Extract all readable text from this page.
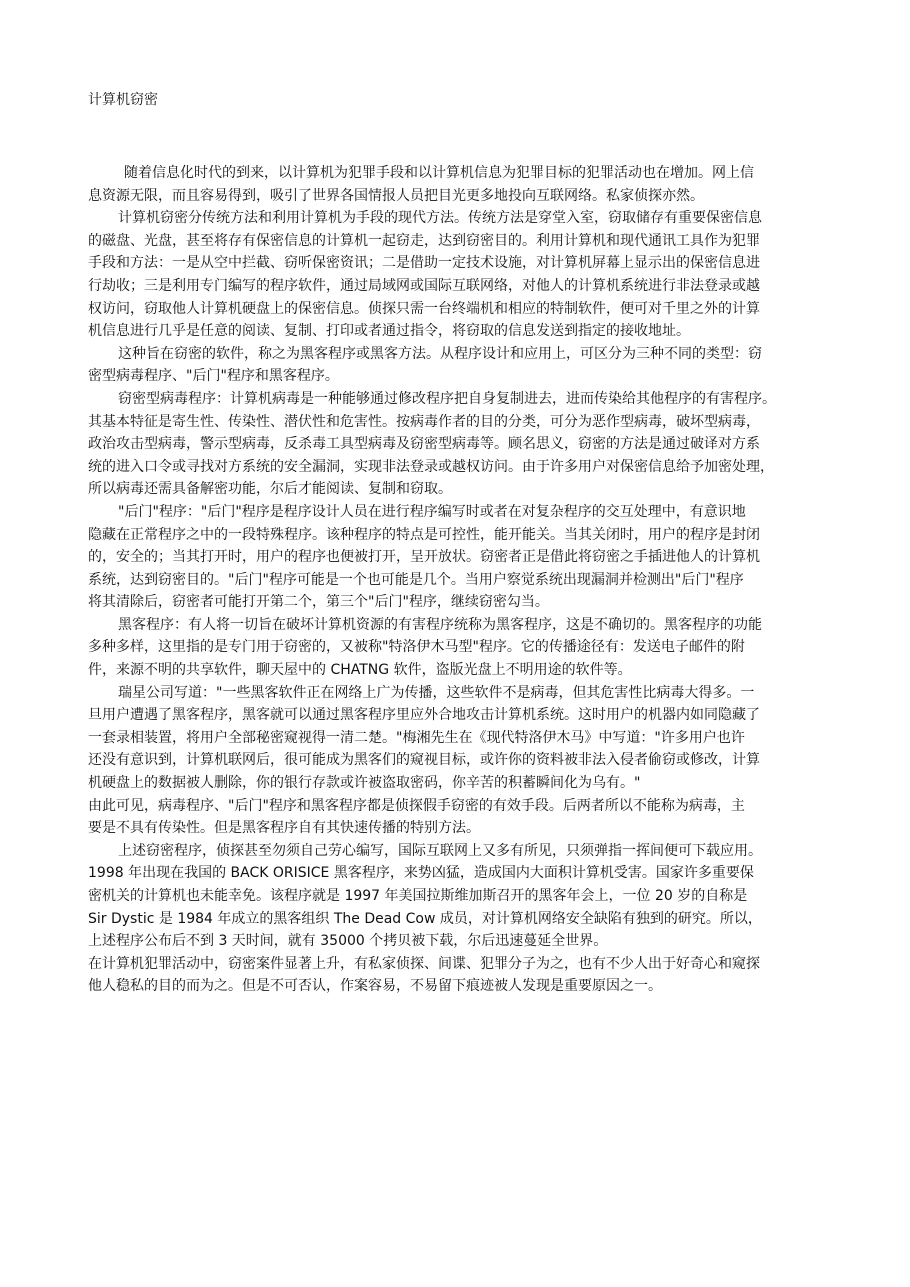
计算机窃密
随着信息化时代的到来，以计算机为犯罪手段和以计算机信息为犯罪目标的犯罪活动也在增加。网上信
息资源无限，而且容易得到，吸引了世界各国情报人员把目光更多地投向互联网络。私家侦探亦然。
计算机窃密分传统方法和利用计算机为手段的现代方法。传统方法是穿堂入室，窃取储存有重要保密信息
的磁盘、光盘，甚至将存有保密信息的计算机一起窃走，达到窃密目的。利用计算机和现代通讯工具作为犯罪
手段和方法：一是从空中拦截、窃听保密资讯；二是借助一定技术设施，对计算机屏幕上显示出的保密信息进
行劫收；三是利用专门编写的程序软件，通过局域网或国际互联网络，对他人的计算机系统进行非法登录或越
权访问，窃取他人计算机硬盘上的保密信息。侦探只需一台终端机和相应的特制软件，便可对千里之外的计算
机信息进行几乎是任意的阅读、复制、打印或者通过指令，将窃取的信息发送到指定的接收地址。
这种旨在窃密的软件，称之为黑客程序或黑客方法。从程序设计和应用上，可区分为三种不同的类型：窃
密型病毒程序、"后门"程序和黑客程序。
窃密型病毒程序：计算机病毒是一种能够通过修改程序把自身复制进去，进而传染给其他程序的有害程序。
其基本特征是寄生性、传染性、潜伏性和危害性。按病毒作者的目的分类，可分为恶作型病毒，破坏型病毒，
政治攻击型病毒，警示型病毒，反杀毒工具型病毒及窃密型病毒等。顾名思义，窃密的方法是通过破译对方系
统的进入口令或寻找对方系统的安全漏洞，实现非法登录或越权访问。由于许多用户对保密信息给予加密处理，
所以病毒还需具备解密功能，尔后才能阅读、复制和窃取。
"后门"程序："后门"程序是程序设计人员在进行程序编写时或者在对复杂程序的交互处理中，有意识地
隐藏在正常程序之中的一段特殊程序。该种程序的特点是可控性，能开能关。当其关闭时，用户的程序是封闭
的，安全的；当其打开时，用户的程序也便被打开，呈开放状。窃密者正是借此将窃密之手插进他人的计算机
系统，达到窃密目的。"后门"程序可能是一个也可能是几个。当用户察觉系统出现漏洞并检测出"后门"程序
将其清除后，窃密者可能打开第二个，第三个"后门"程序，继续窃密勾当。
黑客程序：有人将一切旨在破坏计算机资源的有害程序统称为黑客程序，这是不确切的。黑客程序的功能
多种多样，这里指的是专门用于窃密的，又被称"特洛伊木马型"程序。它的传播途径有：发送电子邮件的附
件，来源不明的共享软件，聊天屋中的 CHATNG 软件，盗版光盘上不明用途的软件等。
瑞星公司写道："一些黑客软件正在网络上广为传播，这些软件不是病毒，但其危害性比病毒大得多。一
旦用户遭遇了黑客程序，黑客就可以通过黑客程序里应外合地攻击计算机系统。这时用户的机器内如同隐藏了
一套录相装置，将用户全部秘密窥视得一清二楚。"梅湘先生在《现代特洛伊木马》中写道："许多用户也许
还没有意识到，计算机联网后，很可能成为黑客们的窥视目标，或许你的资料被非法入侵者偷窃或修改，计算
机硬盘上的数据被人删除，你的银行存款或许被盗取密码，你辛苦的积蓄瞬间化为乌有。"
由此可见，病毒程序、"后门"程序和黑客程序都是侦探假手窃密的有效手段。后两者所以不能称为病毒，主
要是不具有传染性。但是黑客程序自有其快速传播的特别方法。
上述窃密程序，侦探甚至勿须自己劳心编写，国际互联网上又多有所见，只须弹指一挥间便可下载应用。
1998 年出现在我国的 BACK ORISICE 黑客程序，来势凶猛，造成国内大面积计算机受害。国家许多重要保
密机关的计算机也未能幸免。该程序就是 1997 年美国拉斯维加斯召开的黑客年会上，一位 20 岁的自称是
Sir Dystic 是 1984 年成立的黑客组织 The Dead Cow 成员，对计算机网络安全缺陷有独到的研究。所以，
上述程序公布后不到 3 天时间，就有 35000 个拷贝被下载，尔后迅速蔓延全世界。
在计算机犯罪活动中，窃密案件显著上升，有私家侦探、间谍、犯罪分子为之，也有不少人出于好奇心和窥探
他人稳私的目的而为之。但是不可否认，作案容易，不易留下痕迹被人发现是重要原因之一。
